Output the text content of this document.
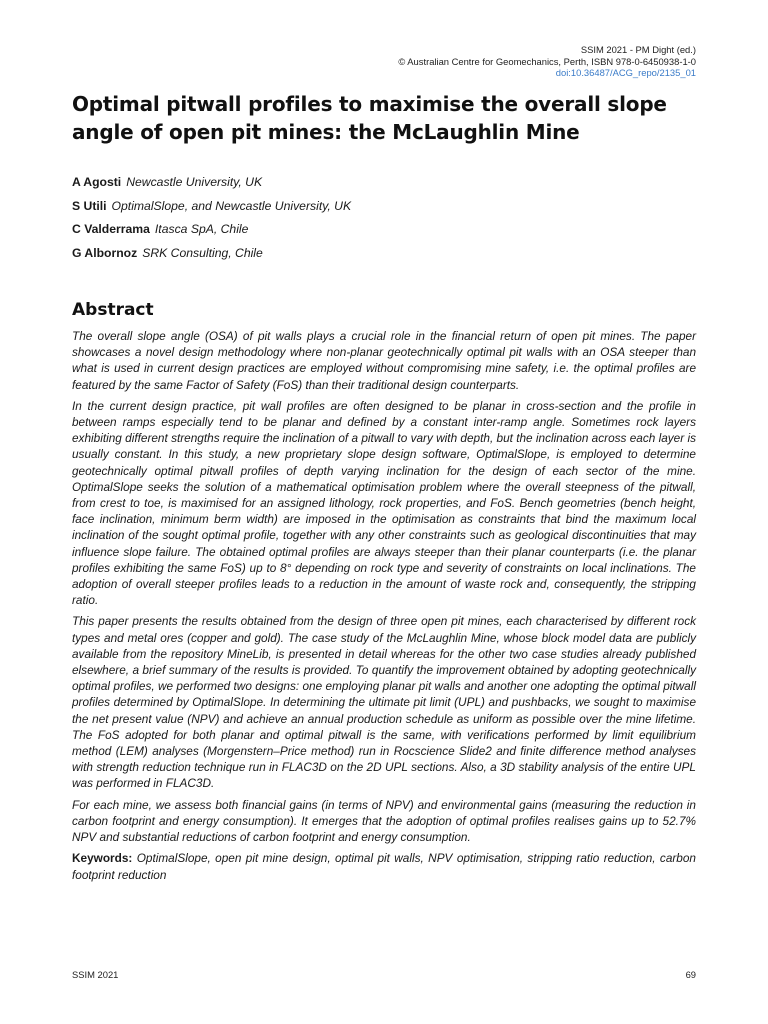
SSIM 2021 - PM Dight (ed.)
© Australian Centre for Geomechanics, Perth, ISBN 978-0-6450938-1-0
doi:10.36487/ACG_repo/2135_01
Optimal pitwall profiles to maximise the overall slope angle of open pit mines: the McLaughlin Mine
A Agosti Newcastle University, UK
S Utili OptimalSlope, and Newcastle University, UK
C Valderrama Itasca SpA, Chile
G Albornoz SRK Consulting, Chile
Abstract

The overall slope angle (OSA) of pit walls plays a crucial role in the financial return of open pit mines. The paper showcases a novel design methodology where non-planar geotechnically optimal pit walls with an OSA steeper than what is used in current design practices are employed without compromising mine safety, i.e. the optimal profiles are featured by the same Factor of Safety (FoS) than their traditional design counterparts.

In the current design practice, pit wall profiles are often designed to be planar in cross-section and the profile in between ramps especially tend to be planar and defined by a constant inter-ramp angle. Sometimes rock layers exhibiting different strengths require the inclination of a pitwall to vary with depth, but the inclination across each layer is usually constant. In this study, a new proprietary slope design software, OptimalSlope, is employed to determine geotechnically optimal pitwall profiles of depth varying inclination for the design of each sector of the mine. OptimalSlope seeks the solution of a mathematical optimisation problem where the overall steepness of the pitwall, from crest to toe, is maximised for an assigned lithology, rock properties, and FoS. Bench geometries (bench height, face inclination, minimum berm width) are imposed in the optimisation as constraints that bind the maximum local inclination of the sought optimal profile, together with any other constraints such as geological discontinuities that may influence slope failure. The obtained optimal profiles are always steeper than their planar counterparts (i.e. the planar profiles exhibiting the same FoS) up to 8° depending on rock type and severity of constraints on local inclinations. The adoption of overall steeper profiles leads to a reduction in the amount of waste rock and, consequently, the stripping ratio.

This paper presents the results obtained from the design of three open pit mines, each characterised by different rock types and metal ores (copper and gold). The case study of the McLaughlin Mine, whose block model data are publicly available from the repository MineLib, is presented in detail whereas for the other two case studies already published elsewhere, a brief summary of the results is provided. To quantify the improvement obtained by adopting geotechnically optimal profiles, we performed two designs: one employing planar pit walls and another one adopting the optimal pitwall profiles determined by OptimalSlope. In determining the ultimate pit limit (UPL) and pushbacks, we sought to maximise the net present value (NPV) and achieve an annual production schedule as uniform as possible over the mine lifetime. The FoS adopted for both planar and optimal pitwall is the same, with verifications performed by limit equilibrium method (LEM) analyses (Morgenstern–Price method) run in Rocscience Slide2 and finite difference method analyses with strength reduction technique run in FLAC3D on the 2D UPL sections. Also, a 3D stability analysis of the entire UPL was performed in FLAC3D.

For each mine, we assess both financial gains (in terms of NPV) and environmental gains (measuring the reduction in carbon footprint and energy consumption). It emerges that the adoption of optimal profiles realises gains up to 52.7% NPV and substantial reductions of carbon footprint and energy consumption.

Keywords: OptimalSlope, open pit mine design, optimal pit walls, NPV optimisation, stripping ratio reduction, carbon footprint reduction

SSIM 2021	69
